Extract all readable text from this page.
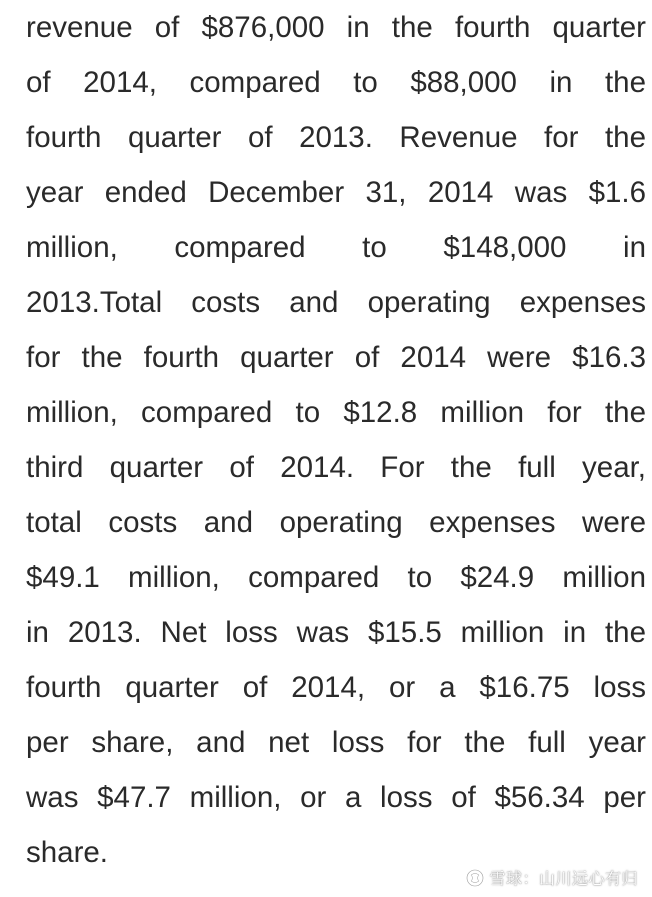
revenue of $876,000 in the fourth quarter
of 2014, compared to $88,000 in the
fourth quarter of 2013. Revenue for the
year ended December 31, 2014 was $1.6
million, compared to $148,000 in
2013.Total costs and operating expenses
for the fourth quarter of 2014 were $16.3
million, compared to $12.8 million for the
third quarter of 2014. For the full year,
total costs and operating expenses were
$49.1 million, compared to $24.9 million
in 2013. Net loss was $15.5 million in the
fourth quarter of 2014, or a $16.75 loss
per share, and net loss for the full year
was $47.7 million, or a loss of $56.34 per
share.
雪球：山川远心有归
